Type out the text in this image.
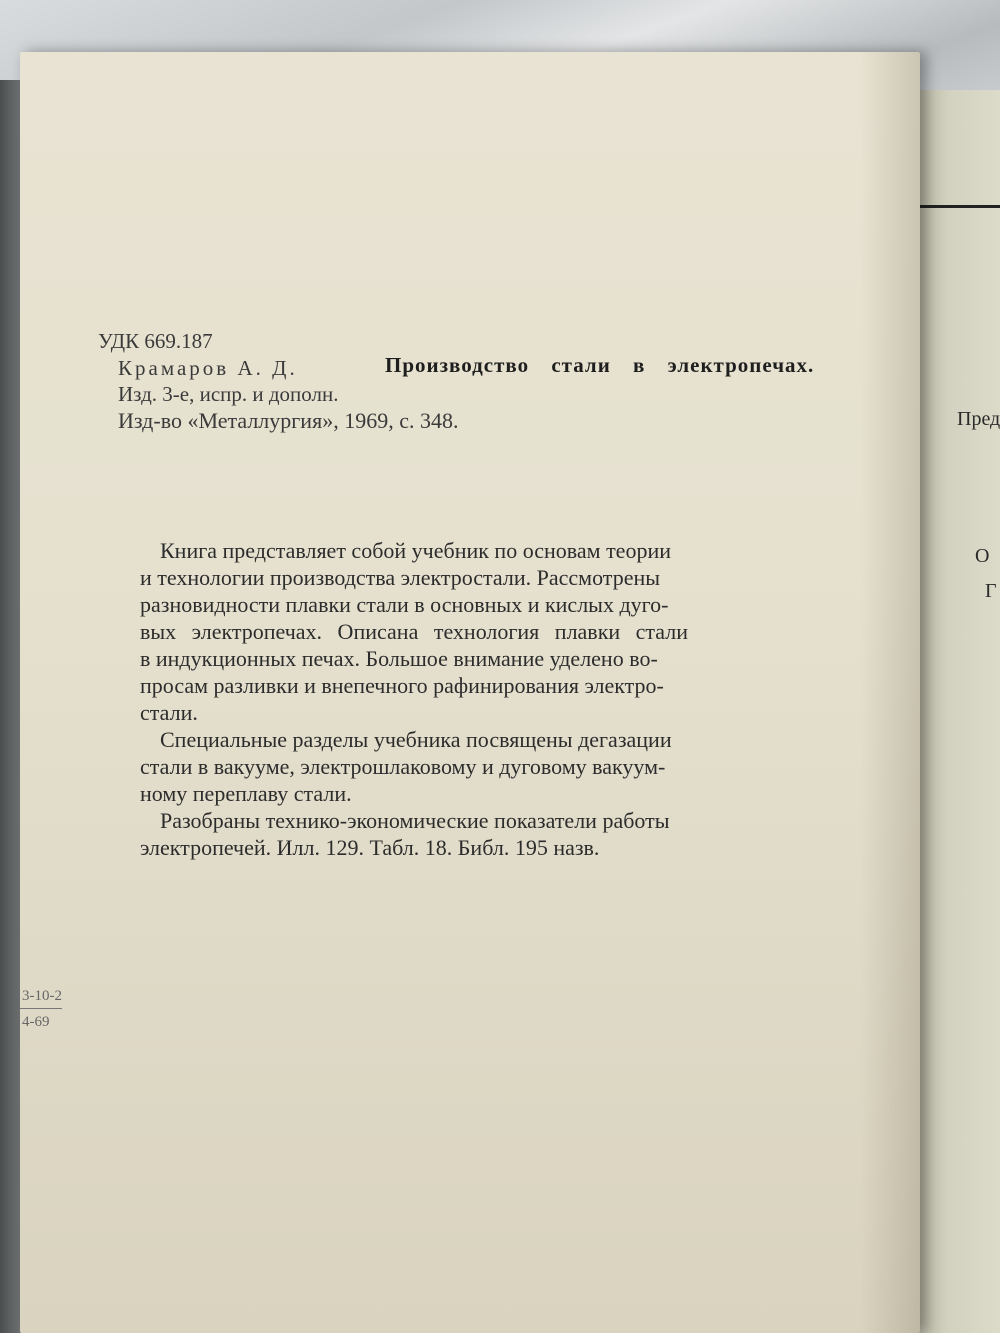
Пред
О
Г
УДК 669.187
Крамаров А. Д.	Производство стали в электропечах.
Изд. 3-е, испр. и дополн.
Изд-во «Металлургия», 1969, с. 348.
Книга представляет собой учебник по основам теории
и технологии производства электростали. Рассмотрены
разновидности плавки стали в основных и кислых дуго-
вых электропечах. Описана технология плавки стали
в индукционных печах. Большое внимание уделено во-
просам разливки и внепечного рафинирования электро-
стали.
Специальные разделы учебника посвящены дегазации
стали в вакууме, электрошлаковому и дуговому вакуум-
ному переплаву стали.
Разобраны технико-экономические показатели работы
электропечей. Илл. 129. Табл. 18. Библ. 195 назв.
3-10-2
4-69
